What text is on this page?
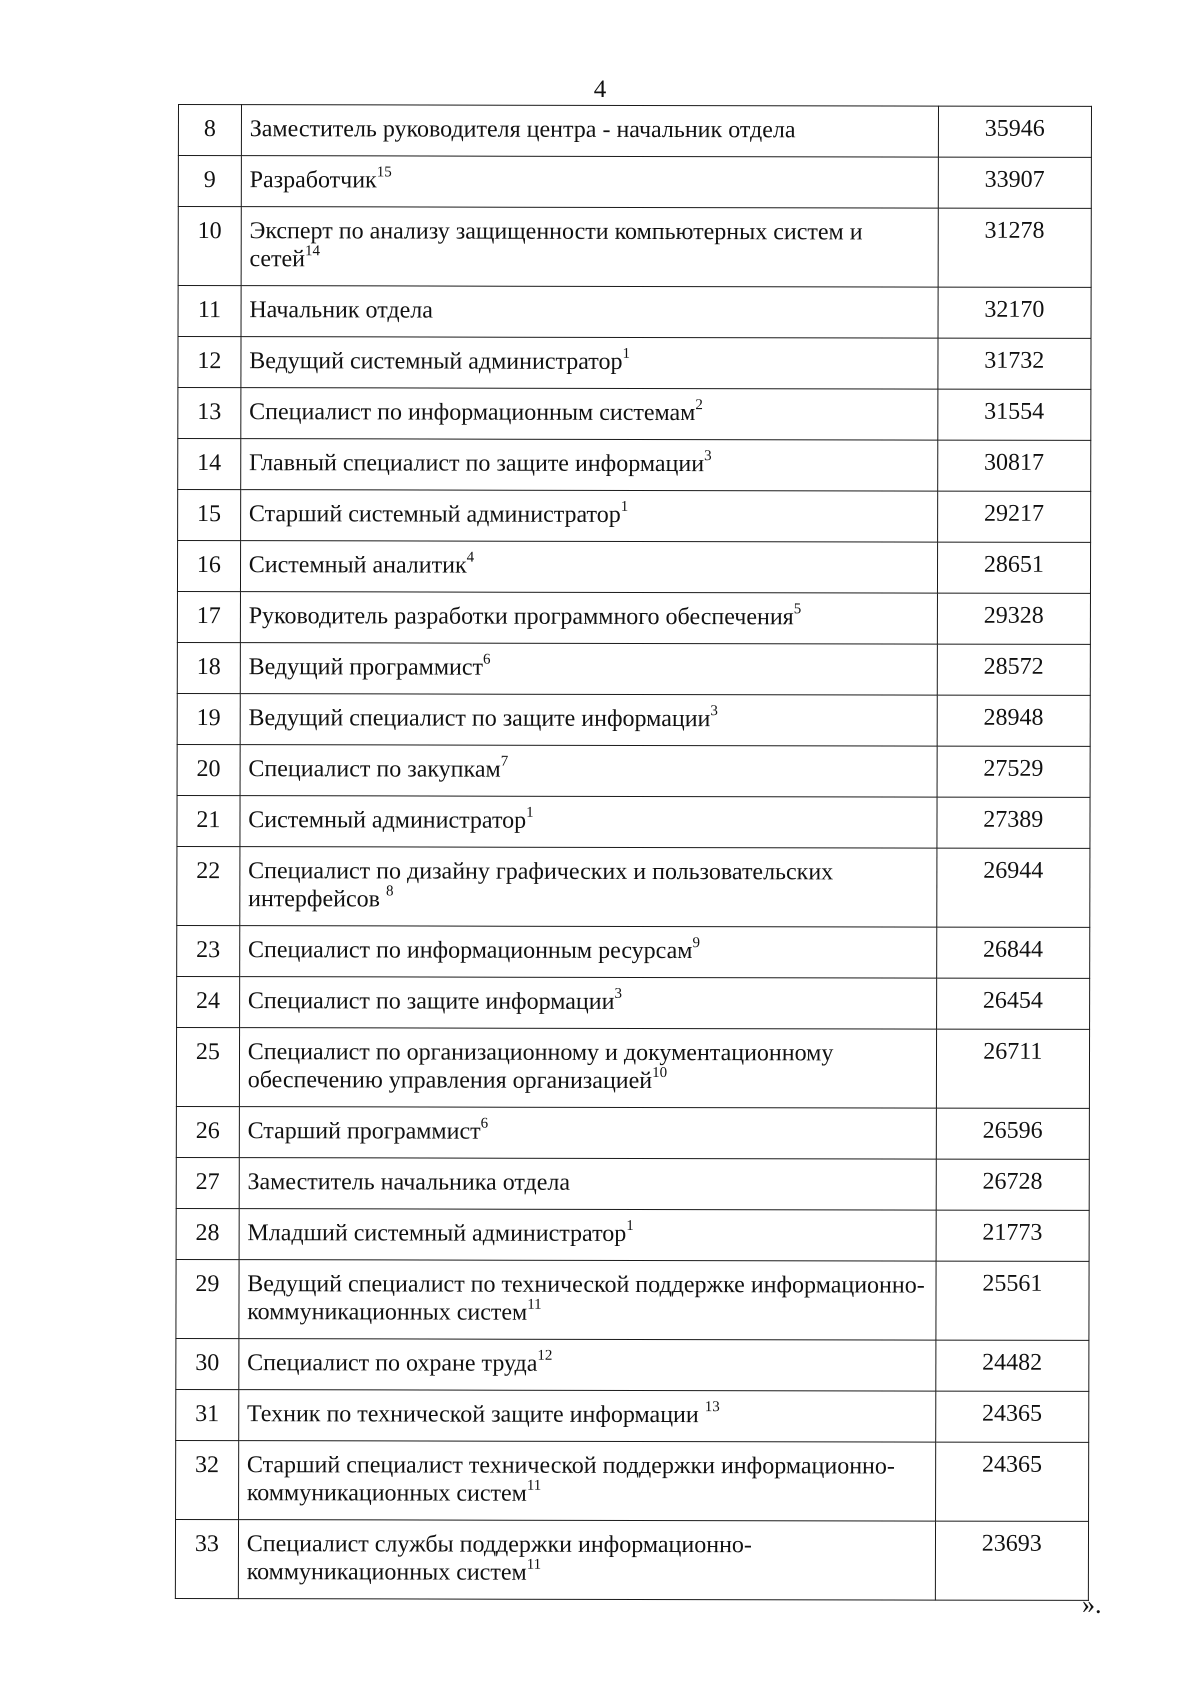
4
8	Заместитель руководителя центра - начальник отдела	35946
9	Разработчик$^{15}$	33907
10	Эксперт по анализу защищенности компьютерных систем и сетей$^{14}$	31278
11	Начальник отдела	32170
12	Ведущий системный администратор$^1$	31732
13	Специалист по информационным системам$^2$	31554
14	Главный специалист по защите информации$^3$	30817
15	Старший системный администратор$^1$	29217
16	Системный аналитик$^4$	28651
17	Руководитель разработки программного обеспечения$^5$	29328
18	Ведущий программист$^6$	28572
19	Ведущий специалист по защите информации$^3$	28948
20	Специалист по закупкам$^7$	27529
21	Системный администратор$^1$	27389
22	Специалист по дизайну графических и пользовательских интерфейсов $^8$	26944
23	Специалист по информационным ресурсам$^9$	26844
24	Специалист по защите информации$^3$	26454
25	Специалист по организационному и документационному обеспечению управления организацией$^{10}$	26711
26	Старший программист$^6$	26596
27	Заместитель начальника отдела	26728
28	Младший системный администратор$^1$	21773
29	Ведущий специалист по технической поддержке информационно-коммуникационных систем$^{11}$	25561
30	Специалист по охране труда$^{12}$	24482
31	Техник по технической защите информации $^{13}$	24365
32	Старший специалист технической поддержки информационно-коммуникационных систем$^{11}$	24365
33	Специалист службы поддержки информационно-коммуникационных систем$^{11}$	23693
».
